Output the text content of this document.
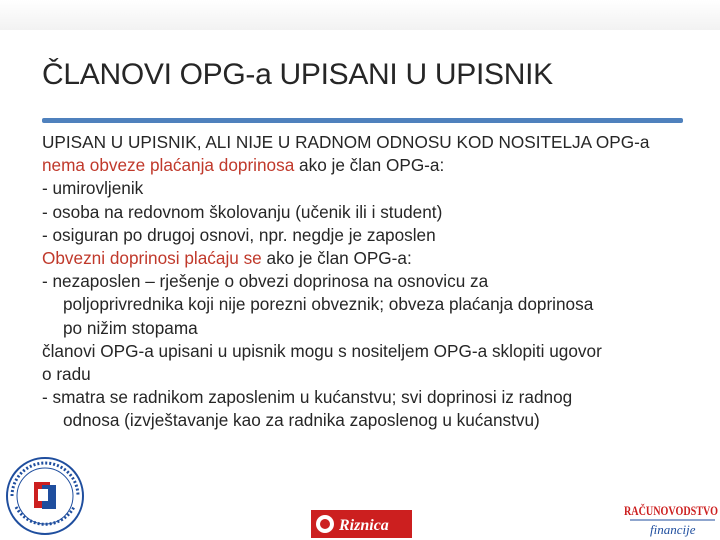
ČLANOVI OPG-a UPISANI U UPISNIK

UPISAN U UPISNIK, ALI NIJE U RADNOM ODNOSU KOD NOSITELJA OPG-a

nema obveze plaćanja doprinosa ako je član OPG-a:

- umirovljenik

- osoba na redovnom školovanju (učenik ili i student)

- osiguran po drugoj osnovi, npr. negdje je zaposlen

Obvezni doprinosi plaćaju se ako je član OPG-a:

- nezaposlen – rješenje o obvezi doprinosa na osnovicu za

poljoprivrednika koji nije porezni obveznik; obveza plaćanja doprinosa

po nižim stopama

članovi OPG-a upisani u upisnik mogu s nositeljem OPG-a sklopiti ugovor

o radu

- smatra se radnikom zaposlenim u kućanstvu; svi doprinosi iz radnog

odnosa (izvještavanje kao za radnika zaposlenog u kućanstvu)

Riznica
RAČUNOVODSTVO
financije
